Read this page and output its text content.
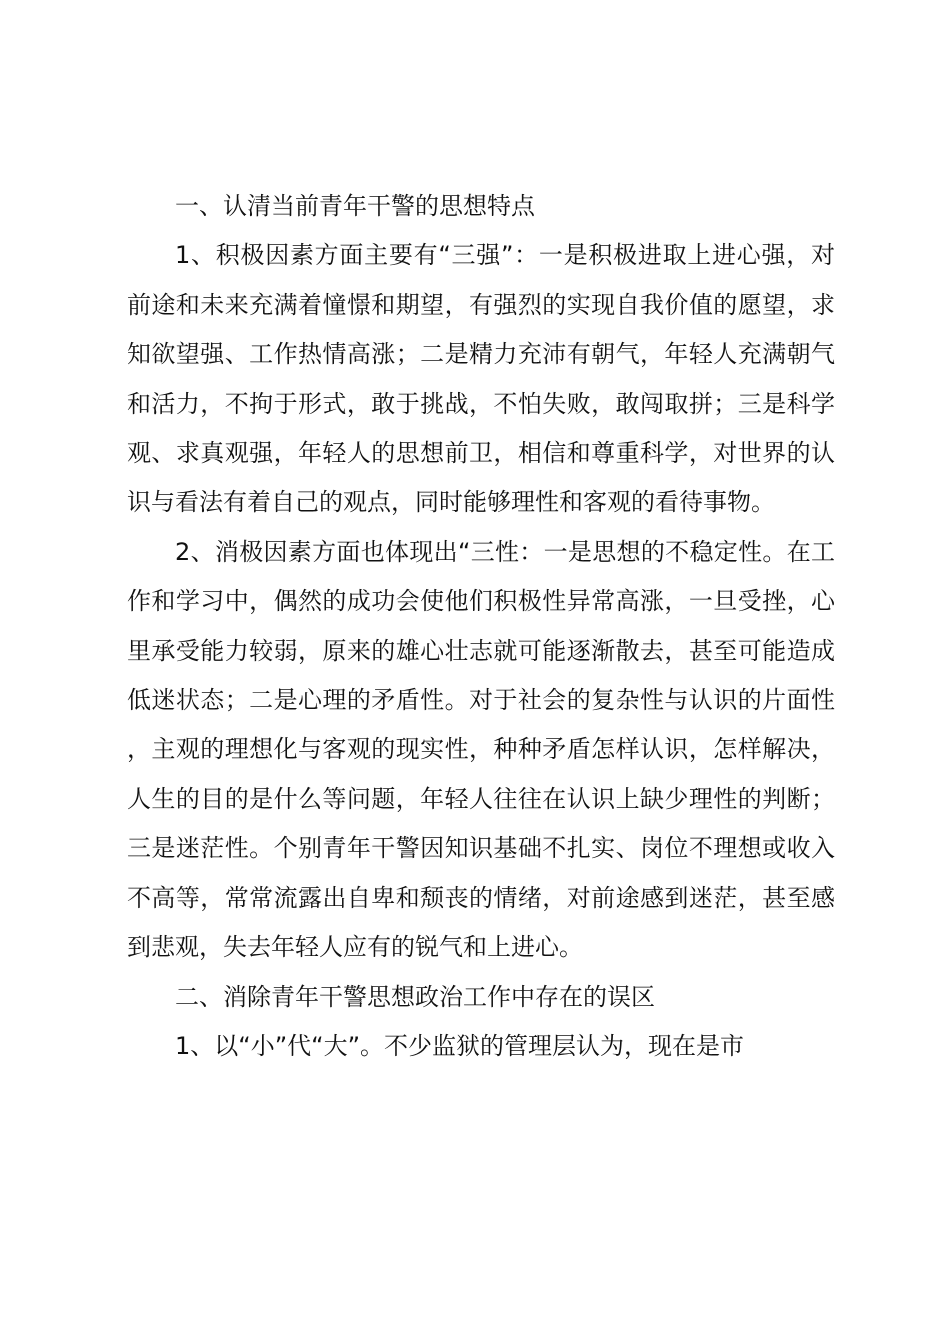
一、认清当前青年干警的思想特点

1、积极因素方面主要有“三强”：一是积极进取上进心强，对前途和未来充满着憧憬和期望，有强烈的实现自我价值的愿望，求知欲望强、工作热情高涨；二是精力充沛有朝气，年轻人充满朝气和活力，不拘于形式，敢于挑战，不怕失败，敢闯取拼；三是科学观、求真观强，年轻人的思想前卫，相信和尊重科学，对世界的认识与看法有着自己的观点，同时能够理性和客观的看待事物。

2、消极因素方面也体现出“三性：一是思想的不稳定性。在工作和学习中，偶然的成功会使他们积极性异常高涨，一旦受挫，心里承受能力较弱，原来的雄心壮志就可能逐渐散去，甚至可能造成低迷状态；二是心理的矛盾性。对于社会的复杂性与认识的片面性，主观的理想化与客观的现实性，种种矛盾怎样认识，怎样解决，人生的目的是什么等问题，年轻人往往在认识上缺少理性的判断；三是迷茫性。个别青年干警因知识基础不扎实、岗位不理想或收入不高等，常常流露出自卑和颓丧的情绪，对前途感到迷茫，甚至感到悲观，失去年轻人应有的锐气和上进心。

二、消除青年干警思想政治工作中存在的误区

1、以“小”代“大”。不少监狱的管理层认为，现在是市
